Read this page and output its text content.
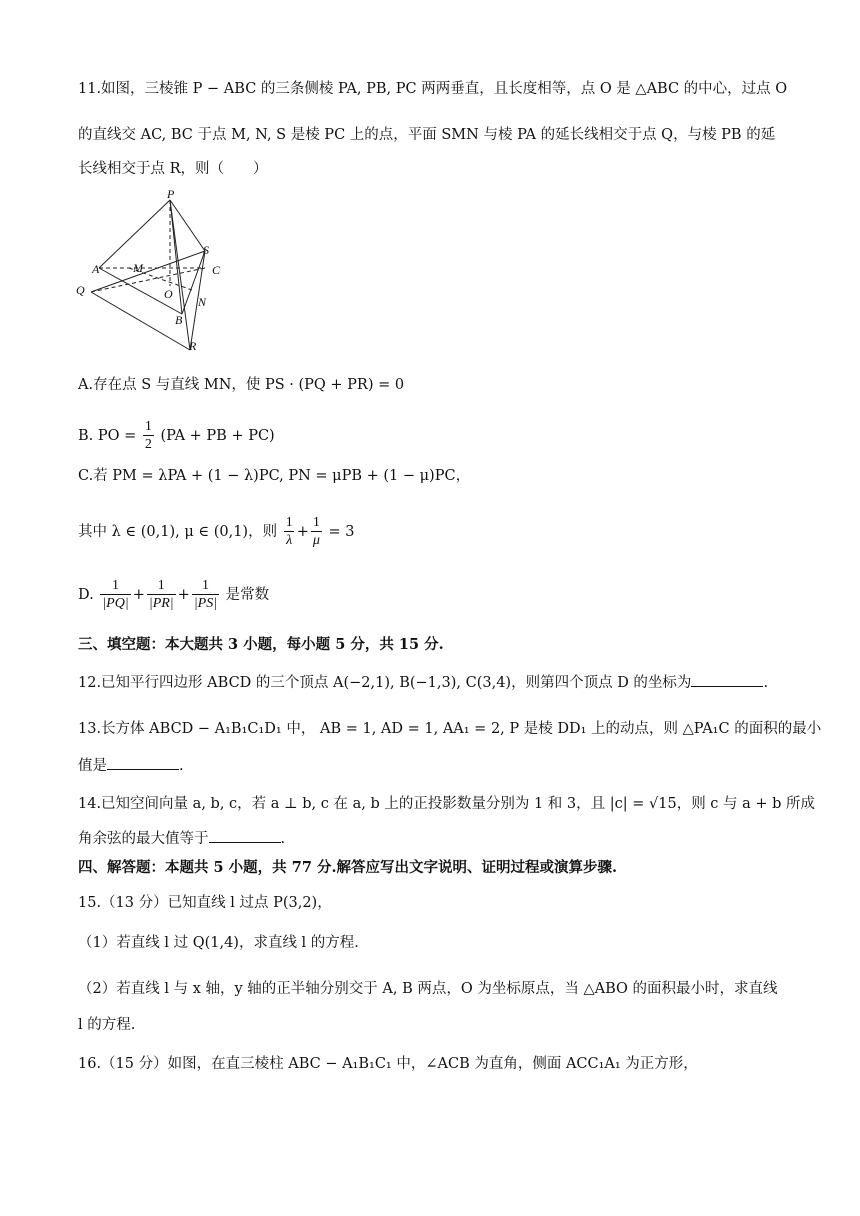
11.如图，三棱锥 P − ABC 的三条侧棱 PA, PB, PC 两两垂直，且长度相等，点 O 是 △ABC 的中心，过点 O
的直线交 AC, BC 于点 M, N, S 是棱 PC 上的点，平面 SMN 与棱 PA 的延长线相交于点 Q，与棱 PB 的延
长线相交于点 R，则（　　）
P
S
A	M	C
Q	O
N
B
R
A.存在点 S 与直线 MN，使 PS · (PQ + PR) = 0
B. PO = $\frac{1}{2} (PA$ + PB + PC)
C.若 PM = λPA + (1 − λ)PC, PN = μPB + (1 − μ)PC，
其中 λ ∈ (0,1), μ ∈ (0,1)，则 $\frac{1}{\lambda} + \frac{1}{\mu} = 3$
D. $\frac{1}{|PQ|} + \frac{1}{|PR|} + \frac{1}{|PS|}$ 是常数
三、填空题：本大题共 3 小题，每小题 5 分，共 15 分.
12.已知平行四边形 ABCD 的三个顶点 A(−2,1), B(−1,3), C(3,4)，则第四个顶点 D 的坐标为	.
13.长方体 ABCD − A₁B₁C₁D₁ 中， AB = 1, AD = 1, AA₁ = 2, P 是棱 DD₁ 上的动点，则 △PA₁C 的面积的最小
值是	.
14.已知空间向量 a, b, c，若 a ⊥ b, c 在 a, b 上的正投影数量分别为 1 和 3，且 |c| = √15，则 c 与 a + b 所成
角余弦的最大值等于	.
四、解答题：本题共 5 小题，共 77 分.解答应写出文字说明、证明过程或演算步骤.
15.（13 分）已知直线 l 过点 P(3,2)，
（1）若直线 l 过 Q(1,4)，求直线 l 的方程.
（2）若直线 l 与 x 轴，y 轴的正半轴分别交于 A, B 两点，O 为坐标原点，当 △ABO 的面积最小时，求直线
l 的方程.
16.（15 分）如图，在直三棱柱 ABC − A₁B₁C₁ 中，∠ACB 为直角，侧面 ACC₁A₁ 为正方形，
